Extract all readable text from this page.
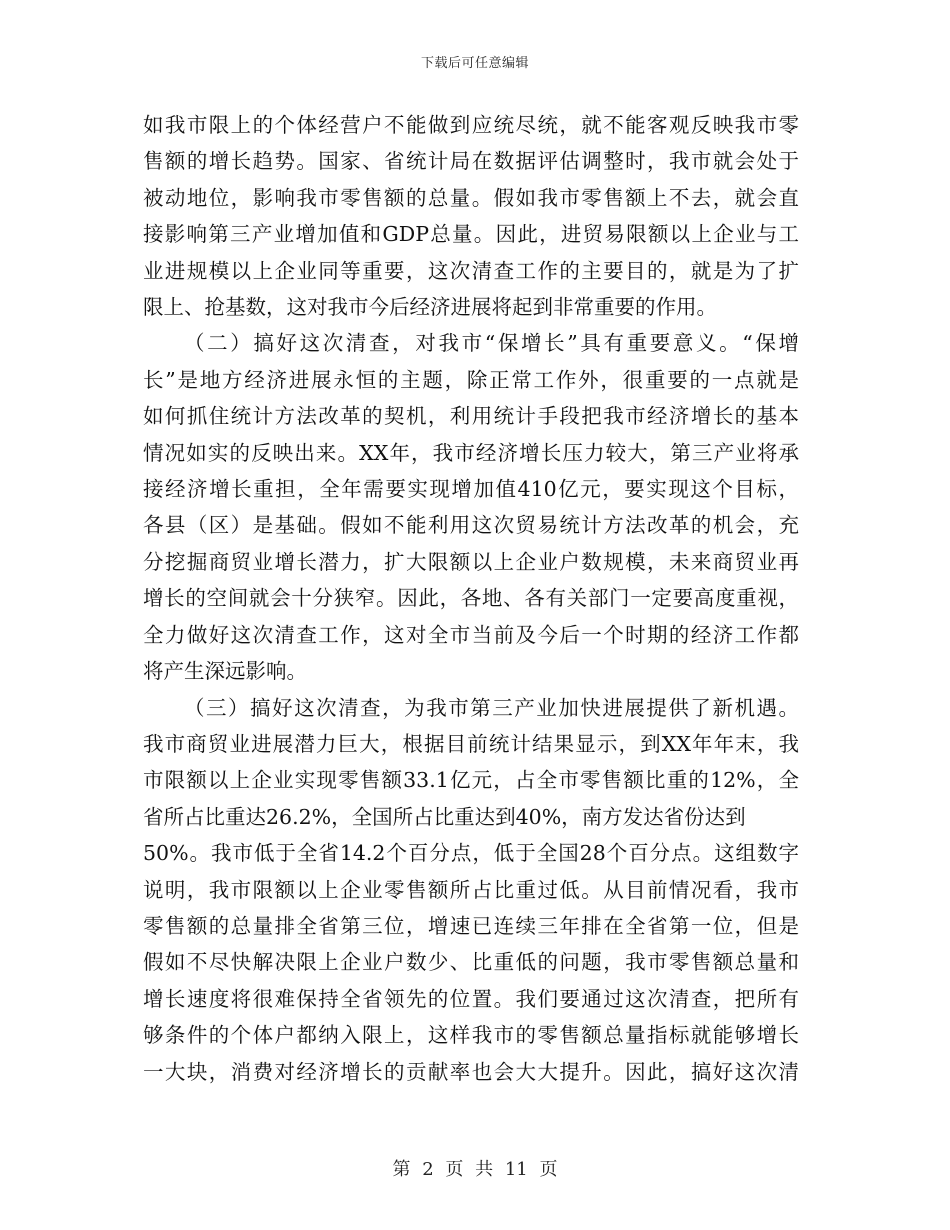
下载后可任意编辑
如我市限上的个体经营户不能做到应统尽统，就不能客观反映我市零
售额的增长趋势。国家、省统计局在数据评估调整时，我市就会处于
被动地位，影响我市零售额的总量。假如我市零售额上不去，就会直
接影响第三产业增加值和GDP总量。因此，进贸易限额以上企业与工
业进规模以上企业同等重要，这次清查工作的主要目的，就是为了扩
限上、抢基数，这对我市今后经济进展将起到非常重要的作用。
（二）搞好这次清查，对我市“保增长”具有重要意义。“保增
长”是地方经济进展永恒的主题，除正常工作外，很重要的一点就是
如何抓住统计方法改革的契机，利用统计手段把我市经济增长的基本
情况如实的反映出来。XX年，我市经济增长压力较大，第三产业将承
接经济增长重担，全年需要实现增加值410亿元，要实现这个目标，
各县（区）是基础。假如不能利用这次贸易统计方法改革的机会，充
分挖掘商贸业增长潜力，扩大限额以上企业户数规模，未来商贸业再
增长的空间就会十分狭窄。因此，各地、各有关部门一定要高度重视，
全力做好这次清查工作，这对全市当前及今后一个时期的经济工作都
将产生深远影响。
（三）搞好这次清查，为我市第三产业加快进展提供了新机遇。
我市商贸业进展潜力巨大，根据目前统计结果显示，到XX年年末，我
市限额以上企业实现零售额33.1亿元，占全市零售额比重的12%，全
省所占比重达26.2%，全国所占比重达到40%，南方发达省份达到
50%。我市低于全省14.2个百分点，低于全国28个百分点。这组数字
说明，我市限额以上企业零售额所占比重过低。从目前情况看，我市
零售额的总量排全省第三位，增速已连续三年排在全省第一位，但是
假如不尽快解决限上企业户数少、比重低的问题，我市零售额总量和
增长速度将很难保持全省领先的位置。我们要通过这次清查，把所有
够条件的个体户都纳入限上，这样我市的零售额总量指标就能够增长
一大块，消费对经济增长的贡献率也会大大提升。因此，搞好这次清
第 2 页 共 11 页
